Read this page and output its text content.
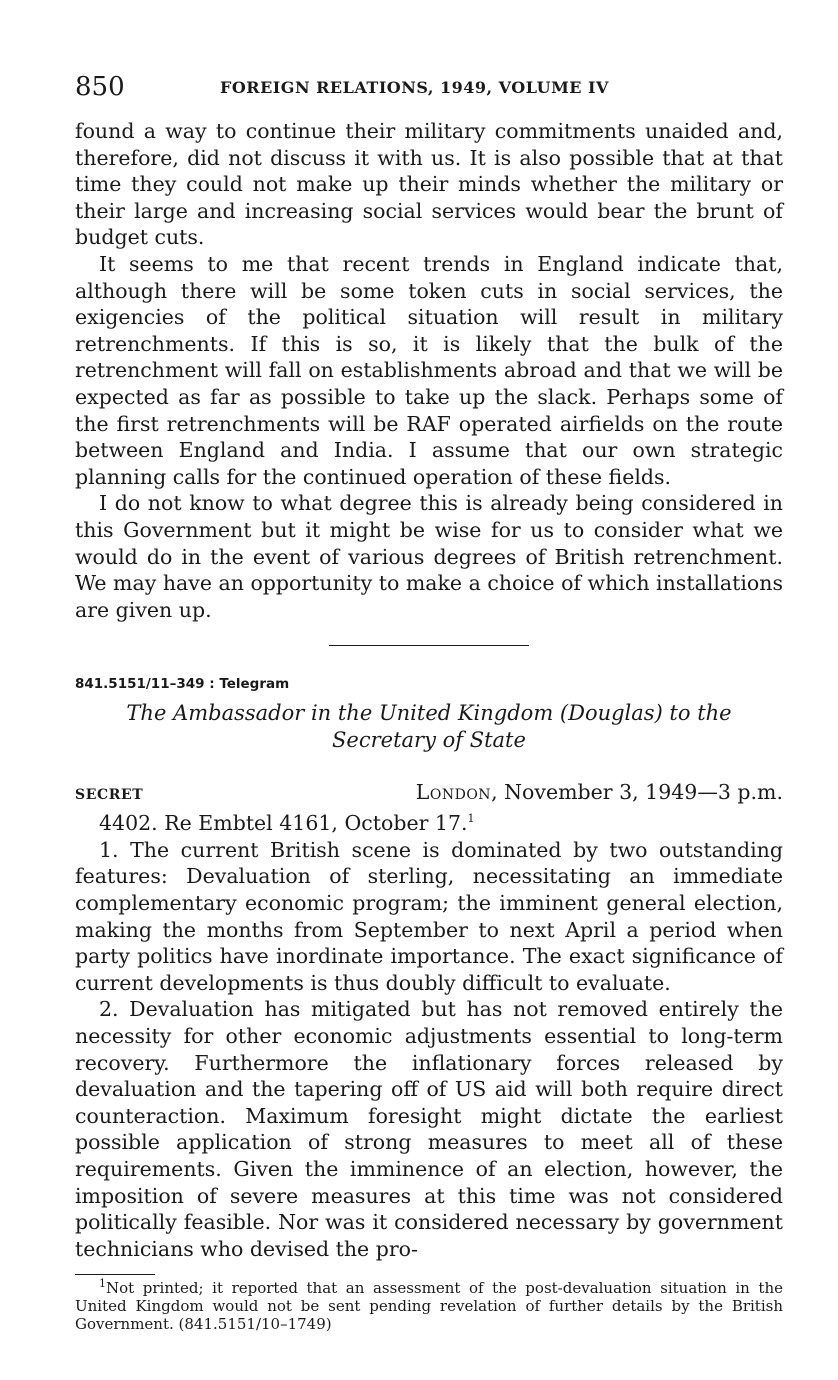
850	FOREIGN RELATIONS, 1949, VOLUME IV

found a way to continue their military commitments unaided and, therefore, did not discuss it with us. It is also possible that at that time they could not make up their minds whether the military or their large and increasing social services would bear the brunt of budget cuts.

It seems to me that recent trends in England indicate that, although there will be some token cuts in social services, the exigencies of the political situation will result in military retrenchments. If this is so, it is likely that the bulk of the retrenchment will fall on establishments abroad and that we will be expected as far as possible to take up the slack. Perhaps some of the first retrenchments will be RAF operated airfields on the route between England and India. I assume that our own strategic planning calls for the continued operation of these fields.

I do not know to what degree this is already being considered in this Government but it might be wise for us to consider what we would do in the event of various degrees of British retrenchment. We may have an opportunity to make a choice of which installations are given up.

841.5151/11–349 : Telegram

The Ambassador in the United Kingdom (Douglas) to the Secretary of State

SECRET	London, November 3, 1949—3 p.m.

4402. Re Embtel 4161, October 17.$^1$

1. The current British scene is dominated by two outstanding features: Devaluation of sterling, necessitating an immediate complementary economic program; the imminent general election, making the months from September to next April a period when party politics have inordinate importance. The exact significance of current developments is thus doubly difficult to evaluate.

2. Devaluation has mitigated but has not removed entirely the necessity for other economic adjustments essential to long-term recovery. Furthermore the inflationary forces released by devaluation and the tapering off of US aid will both require direct counteraction. Maximum foresight might dictate the earliest possible application of strong measures to meet all of these requirements. Given the imminence of an election, however, the imposition of severe measures at this time was not considered politically feasible. Nor was it considered necessary by government technicians who devised the pro-

$^1$Not printed; it reported that an assessment of the post-devaluation situation in the United Kingdom would not be sent pending revelation of further details by the British Government. (841.5151/10–1749)
